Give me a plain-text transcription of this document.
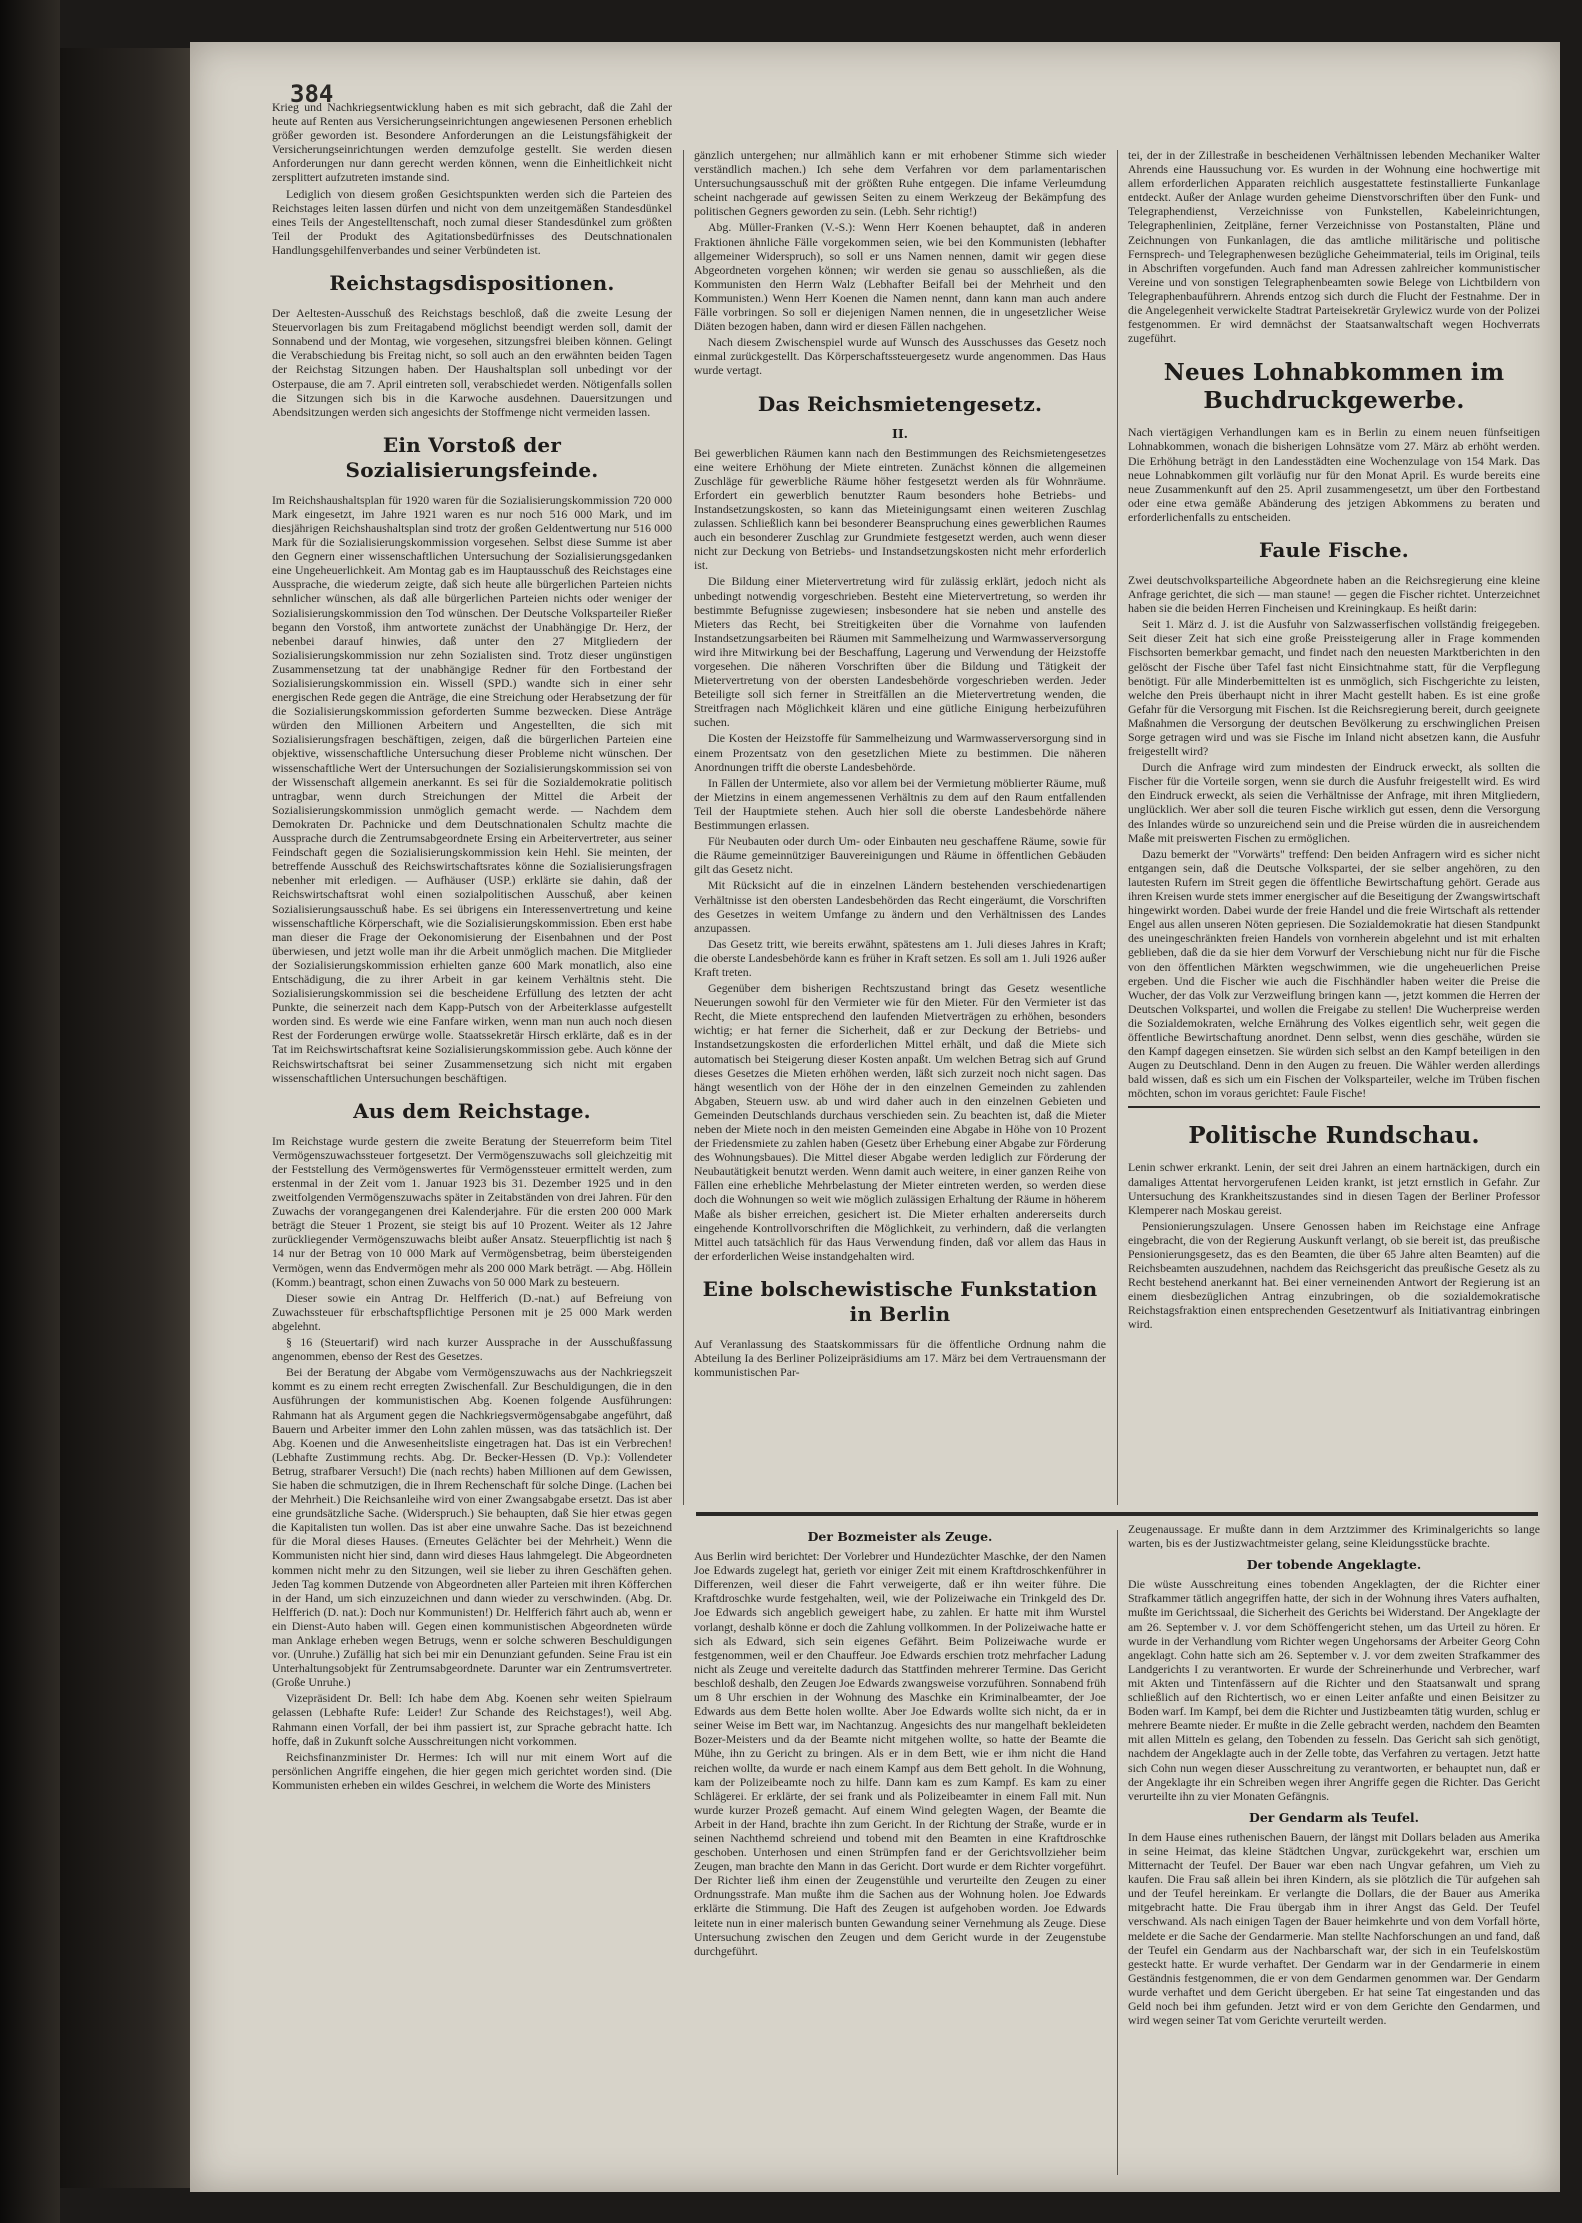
384

Krieg und Nachkriegsentwicklung haben es mit sich gebracht, daß die Zahl der heute auf Renten aus Versicherungseinrichtungen angewiesenen Personen erheblich größer geworden ist. Besondere Anforderungen an die Leistungsfähigkeit der Versicherungseinrichtungen werden demzufolge gestellt. Sie werden diesen Anforderungen nur dann gerecht werden können, wenn die Einheitlichkeit nicht zersplittert aufzutreten imstande sind.

Lediglich von diesem großen Gesichtspunkten werden sich die Parteien des Reichstages leiten lassen dürfen und nicht von dem unzeitgemäßen Standesdünkel eines Teils der Angestelltenschaft, noch zumal dieser Standesdünkel zum größten Teil der Produkt des Agitationsbedürfnisses des Deutschnationalen Handlungsgehilfenverbandes und seiner Verbündeten ist.

Reichstagsdispositionen.

Der Aeltesten-Ausschuß des Reichstags beschloß, daß die zweite Lesung der Steuervorlagen bis zum Freitagabend möglichst beendigt werden soll, damit der Sonnabend und der Montag, wie vorgesehen, sitzungsfrei bleiben können. Gelingt die Verabschiedung bis Freitag nicht, so soll auch an den erwähnten beiden Tagen der Reichstag Sitzungen haben. Der Haushaltsplan soll unbedingt vor der Osterpause, die am 7. April eintreten soll, verabschiedet werden. Nötigenfalls sollen die Sitzungen sich bis in die Karwoche ausdehnen. Dauersitzungen und Abendsitzungen werden sich angesichts der Stoffmenge nicht vermeiden lassen.

Ein Vorstoß der Sozialisierungsfeinde.

Im Reichshaushaltsplan für 1920 waren für die Sozialisierungskommission 720 000 Mark eingesetzt, im Jahre 1921 waren es nur noch 516 000 Mark, und im diesjährigen Reichshaushaltsplan sind trotz der großen Geldentwertung nur 516 000 Mark für die Sozialisierungskommission vorgesehen. Selbst diese Summe ist aber den Gegnern einer wissenschaftlichen Untersuchung der Sozialisierungsgedanken eine Ungeheuerlichkeit. Am Montag gab es im Hauptausschuß des Reichstages eine Aussprache, die wiederum zeigte, daß sich heute alle bürgerlichen Parteien nichts sehnlicher wünschen, als daß alle bürgerlichen Parteien nichts oder weniger der Sozialisierungskommission den Tod wünschen. Der Deutsche Volksparteiler Rießer begann den Vorstoß, ihm antwortete zunächst der Unabhängige Dr. Herz, der nebenbei darauf hinwies, daß unter den 27 Mitgliedern der Sozialisierungskommission nur zehn Sozialisten sind. Trotz dieser ungünstigen Zusammensetzung tat der unabhängige Redner für den Fortbestand der Sozialisierungskommission ein. Wissell (SPD.) wandte sich in einer sehr energischen Rede gegen die Anträge, die eine Streichung oder Herabsetzung der für die Sozialisierungskommission geforderten Summe bezwecken. Diese Anträge würden den Millionen Arbeitern und Angestellten, die sich mit Sozialisierungsfragen beschäftigen, zeigen, daß die bürgerlichen Parteien eine objektive, wissenschaftliche Untersuchung dieser Probleme nicht wünschen. Der wissenschaftliche Wert der Untersuchungen der Sozialisierungskommission sei von der Wissenschaft allgemein anerkannt. Es sei für die Sozialdemokratie politisch untragbar, wenn durch Streichungen der Mittel die Arbeit der Sozialisierungskommission unmöglich gemacht werde. — Nachdem dem Demokraten Dr. Pachnicke und dem Deutschnationalen Schultz machte die Aussprache durch die Zentrumsabgeordnete Ersing ein Arbeitervertreter, aus seiner Feindschaft gegen die Sozialisierungskommission kein Hehl. Sie meinten, der betreffende Ausschuß des Reichswirtschaftsrates könne die Sozialisierungsfragen nebenher mit erledigen. — Aufhäuser (USP.) erklärte sie dahin, daß der Reichswirtschaftsrat wohl einen sozialpolitischen Ausschuß, aber keinen Sozialisierungsausschuß habe. Es sei übrigens ein Interessenvertretung und keine wissenschaftliche Körperschaft, wie die Sozialisierungskommission. Eben erst habe man dieser die Frage der Oekonomisierung der Eisenbahnen und der Post überwiesen, und jetzt wolle man ihr die Arbeit unmöglich machen. Die Mitglieder der Sozialisierungskommission erhielten ganze 600 Mark monatlich, also eine Entschädigung, die zu ihrer Arbeit in gar keinem Verhältnis steht. Die Sozialisierungskommission sei die bescheidene Erfüllung des letzten der acht Punkte, die seinerzeit nach dem Kapp-Putsch von der Arbeiterklasse aufgestellt worden sind. Es werde wie eine Fanfare wirken, wenn man nun auch noch diesen Rest der Forderungen erwürge wolle. Staatssekretär Hirsch erklärte, daß es in der Tat im Reichswirtschaftsrat keine Sozialisierungskommission gebe. Auch könne der Reichswirtschaftsrat bei seiner Zusammensetzung sich nicht mit ergaben wissenschaftlichen Untersuchungen beschäftigen.

Aus dem Reichstage.

Im Reichstage wurde gestern die zweite Beratung der Steuerreform beim Titel Vermögenszuwachssteuer fortgesetzt. Der Vermögenszuwachs soll gleichzeitig mit der Feststellung des Vermögenswertes für Vermögenssteuer ermittelt werden, zum erstenmal in der Zeit vom 1. Januar 1923 bis 31. Dezember 1925 und in den zweitfolgenden Vermögenszuwachs später in Zeitabständen von drei Jahren. Für den Zuwachs der vorangegangenen drei Kalenderjahre. Für die ersten 200 000 Mark beträgt die Steuer 1 Prozent, sie steigt bis auf 10 Prozent. Weiter als 12 Jahre zurückliegender Vermögenszuwachs bleibt außer Ansatz. Steuerpflichtig ist nach § 14 nur der Betrag von 10 000 Mark auf Vermögensbetrag, beim übersteigenden Vermögen, wenn das Endvermögen mehr als 200 000 Mark beträgt. — Abg. Höllein (Komm.) beantragt, schon einen Zuwachs von 50 000 Mark zu besteuern.

Dieser sowie ein Antrag Dr. Helfferich (D.-nat.) auf Befreiung von Zuwachssteuer für erbschaftspflichtige Personen mit je 25 000 Mark werden abgelehnt.

§ 16 (Steuertarif) wird nach kurzer Aussprache in der Ausschußfassung angenommen, ebenso der Rest des Gesetzes.

Bei der Beratung der Abgabe vom Vermögenszuwachs aus der Nachkriegszeit kommt es zu einem recht erregten Zwischenfall. Zur Beschuldigungen, die in den Ausführungen der kommunistischen Abg. Koenen folgende Ausführungen: Rahmann hat als Argument gegen die Nachkriegsvermögensabgabe angeführt, daß Bauern und Arbeiter immer den Lohn zahlen müssen, was das tatsächlich ist. Der Abg. Koenen und die Anwesenheitsliste eingetragen hat. Das ist ein Verbrechen! (Lebhafte Zustimmung rechts. Abg. Dr. Becker-Hessen (D. Vp.): Vollendeter Betrug, strafbarer Versuch!) Die (nach rechts) haben Millionen auf dem Gewissen, Sie haben die schmutzigen, die in Ihrem Rechenschaft für solche Dinge. (Lachen bei der Mehrheit.) Die Reichsanleihe wird von einer Zwangsabgabe ersetzt. Das ist aber eine grundsätzliche Sache. (Widerspruch.) Sie behaupten, daß Sie hier etwas gegen die Kapitalisten tun wollen. Das ist aber eine unwahre Sache. Das ist bezeichnend für die Moral dieses Hauses. (Erneutes Gelächter bei der Mehrheit.) Wenn die Kommunisten nicht hier sind, dann wird dieses Haus lahmgelegt. Die Abgeordneten kommen nicht mehr zu den Sitzungen, weil sie lieber zu ihren Geschäften gehen. Jeden Tag kommen Dutzende von Abgeordneten aller Parteien mit ihren Köfferchen in der Hand, um sich einzuzeichnen und dann wieder zu verschwinden. (Abg. Dr. Helfferich (D. nat.): Doch nur Kommunisten!) Dr. Helfferich fährt auch ab, wenn er ein Dienst-Auto haben will. Gegen einen kommunistischen Abgeordneten würde man Anklage erheben wegen Betrugs, wenn er solche schweren Beschuldigungen vor. (Unruhe.) Zufällig hat sich bei mir ein Denunziant gefunden. Seine Frau ist ein Unterhaltungsobjekt für Zentrumsabgeordnete. Darunter war ein Zentrumsvertreter. (Große Unruhe.)

Vizepräsident Dr. Bell: Ich habe dem Abg. Koenen sehr weiten Spielraum gelassen (Lebhafte Rufe: Leider! Zur Schande des Reichstages!), weil Abg. Rahmann einen Vorfall, der bei ihm passiert ist, zur Sprache gebracht hatte. Ich hoffe, daß in Zukunft solche Ausschreitungen nicht vorkommen.

Reichsfinanzminister Dr. Hermes: Ich will nur mit einem Wort auf die persönlichen Angriffe eingehen, die hier gegen mich gerichtet worden sind. (Die Kommunisten erheben ein wildes Geschrei, in welchem die Worte des Ministers

gänzlich untergehen; nur allmählich kann er mit erhobener Stimme sich wieder verständlich machen.) Ich sehe dem Verfahren vor dem parlamentarischen Untersuchungsausschuß mit der größten Ruhe entgegen. Die infame Verleumdung scheint nachgerade auf gewissen Seiten zu einem Werkzeug der Bekämpfung des politischen Gegners geworden zu sein. (Lebh. Sehr richtig!)

Abg. Müller-Franken (V.-S.): Wenn Herr Koenen behauptet, daß in anderen Fraktionen ähnliche Fälle vorgekommen seien, wie bei den Kommunisten (lebhafter allgemeiner Widerspruch), so soll er uns Namen nennen, damit wir gegen diese Abgeordneten vorgehen können; wir werden sie genau so ausschließen, als die Kommunisten den Herrn Walz (Lebhafter Beifall bei der Mehrheit und den Kommunisten.) Wenn Herr Koenen die Namen nennt, dann kann man auch andere Fälle vorbringen. So soll er diejenigen Namen nennen, die in ungesetzlicher Weise Diäten bezogen haben, dann wird er diesen Fällen nachgehen.

Nach diesem Zwischenspiel wurde auf Wunsch des Ausschusses das Gesetz noch einmal zurückgestellt. Das Körperschaftssteuergesetz wurde angenommen. Das Haus wurde vertagt.

Das Reichsmietengesetz.
II.

Bei gewerblichen Räumen kann nach den Bestimmungen des Reichsmietengesetzes eine weitere Erhöhung der Miete eintreten. Zunächst können die allgemeinen Zuschläge für gewerbliche Räume höher festgesetzt werden als für Wohnräume. Erfordert ein gewerblich benutzter Raum besonders hohe Betriebs- und Instandsetzungskosten, so kann das Mieteinigungsamt einen weiteren Zuschlag zulassen. Schließlich kann bei besonderer Beanspruchung eines gewerblichen Raumes auch ein besonderer Zuschlag zur Grundmiete festgesetzt werden, auch wenn dieser nicht zur Deckung von Betriebs- und Instandsetzungskosten nicht mehr erforderlich ist.

Die Bildung einer Mietervertretung wird für zulässig erklärt, jedoch nicht als unbedingt notwendig vorgeschrieben. Besteht eine Mietervertretung, so werden ihr bestimmte Befugnisse zugewiesen; insbesondere hat sie neben und anstelle des Mieters das Recht, bei Streitigkeiten über die Vornahme von laufenden Instandsetzungsarbeiten bei Räumen mit Sammelheizung und Warmwasserversorgung wird ihre Mitwirkung bei der Beschaffung, Lagerung und Verwendung der Heizstoffe vorgesehen. Die näheren Vorschriften über die Bildung und Tätigkeit der Mietervertretung von der obersten Landesbehörde vorgeschrieben werden. Jeder Beteiligte soll sich ferner in Streitfällen an die Mietervertretung wenden, die Streitfragen nach Möglichkeit klären und eine gütliche Einigung herbeizuführen suchen.

Die Kosten der Heizstoffe für Sammelheizung und Warmwasserversorgung sind in einem Prozentsatz von den gesetzlichen Miete zu bestimmen. Die näheren Anordnungen trifft die oberste Landesbehörde.

In Fällen der Untermiete, also vor allem bei der Vermietung möblierter Räume, muß der Mietzins in einem angemessenen Verhältnis zu dem auf den Raum entfallenden Teil der Hauptmiete stehen. Auch hier soll die oberste Landesbehörde nähere Bestimmungen erlassen.

Für Neubauten oder durch Um- oder Einbauten neu geschaffene Räume, sowie für die Räume gemeinnütziger Bauvereinigungen und Räume in öffentlichen Gebäuden gilt das Gesetz nicht.

Mit Rücksicht auf die in einzelnen Ländern bestehenden verschiedenartigen Verhältnisse ist den obersten Landesbehörden das Recht eingeräumt, die Vorschriften des Gesetzes in weitem Umfange zu ändern und den Verhältnissen des Landes anzupassen.

Das Gesetz tritt, wie bereits erwähnt, spätestens am 1. Juli dieses Jahres in Kraft; die oberste Landesbehörde kann es früher in Kraft setzen. Es soll am 1. Juli 1926 außer Kraft treten.

Gegenüber dem bisherigen Rechtszustand bringt das Gesetz wesentliche Neuerungen sowohl für den Vermieter wie für den Mieter. Für den Vermieter ist das Recht, die Miete entsprechend den laufenden Mietverträgen zu erhöhen, besonders wichtig; er hat ferner die Sicherheit, daß er zur Deckung der Betriebs- und Instandsetzungskosten die erforderlichen Mittel erhält, und daß die Miete sich automatisch bei Steigerung dieser Kosten anpaßt. Um welchen Betrag sich auf Grund dieses Gesetzes die Mieten erhöhen werden, läßt sich zurzeit noch nicht sagen. Das hängt wesentlich von der Höhe der in den einzelnen Gemeinden zu zahlenden Abgaben, Steuern usw. ab und wird daher auch in den einzelnen Gebieten und Gemeinden Deutschlands durchaus verschieden sein. Zu beachten ist, daß die Mieter neben der Miete noch in den meisten Gemeinden eine Abgabe in Höhe von 10 Prozent der Friedensmiete zu zahlen haben (Gesetz über Erhebung einer Abgabe zur Förderung des Wohnungsbaues). Die Mittel dieser Abgabe werden lediglich zur Förderung der Neubautätigkeit benutzt werden. Wenn damit auch weitere, in einer ganzen Reihe von Fällen eine erhebliche Mehrbelastung der Mieter eintreten werden, so werden diese doch die Wohnungen so weit wie möglich zulässigen Erhaltung der Räume in höherem Maße als bisher erreichen, gesichert ist. Die Mieter erhalten andererseits durch eingehende Kontrollvorschriften die Möglichkeit, zu verhindern, daß die verlangten Mittel auch tatsächlich für das Haus Verwendung finden, daß vor allem das Haus in der erforderlichen Weise instandgehalten wird.

Eine bolschewistische Funkstation in Berlin

Auf Veranlassung des Staatskommissars für die öffentliche Ordnung nahm die Abteilung Ia des Berliner Polizeipräsidiums am 17. März bei dem Vertrauensmann der kommunistischen Par-

tei, der in der Zillestraße in bescheidenen Verhältnissen lebenden Mechaniker Walter Ahrends eine Haussuchung vor. Es wurden in der Wohnung eine hochwertige mit allem erforderlichen Apparaten reichlich ausgestattete festinstallierte Funkanlage entdeckt. Außer der Anlage wurden geheime Dienstvorschriften über den Funk- und Telegraphendienst, Verzeichnisse von Funkstellen, Kabeleinrichtungen, Telegraphenlinien, Zeitpläne, ferner Verzeichnisse von Postanstalten, Pläne und Zeichnungen von Funkanlagen, die das amtliche militärische und politische Fernsprech- und Telegraphenwesen bezügliche Geheimmaterial, teils im Original, teils in Abschriften vorgefunden. Auch fand man Adressen zahlreicher kommunistischer Vereine und von sonstigen Telegraphenbeamten sowie Belege von Lichtbildern von Telegraphenbauführern. Ahrends entzog sich durch die Flucht der Festnahme. Der in die Angelegenheit verwickelte Stadtrat Parteisekretär Grylewicz wurde von der Polizei festgenommen. Er wird demnächst der Staatsanwaltschaft wegen Hochverrats zugeführt.

Neues Lohnabkommen im Buchdruckgewerbe.

Nach viertägigen Verhandlungen kam es in Berlin zu einem neuen fünfseitigen Lohnabkommen, wonach die bisherigen Lohnsätze vom 27. März ab erhöht werden. Die Erhöhung beträgt in den Landesstädten eine Wochenzulage von 154 Mark. Das neue Lohnabkommen gilt vorläufig nur für den Monat April. Es wurde bereits eine neue Zusammenkunft auf den 25. April zusammengesetzt, um über den Fortbestand oder eine etwa gemäße Abänderung des jetzigen Abkommens zu beraten und erforderlichenfalls zu entscheiden.

Faule Fische.

Zwei deutschvolksparteiliche Abgeordnete haben an die Reichsregierung eine kleine Anfrage gerichtet, die sich — man staune! — gegen die Fischer richtet. Unterzeichnet haben sie die beiden Herren Fincheisen und Kreiningkaup. Es heißt darin:

Seit 1. März d. J. ist die Ausfuhr von Salzwasserfischen vollständig freigegeben. Seit dieser Zeit hat sich eine große Preissteigerung aller in Frage kommenden Fischsorten bemerkbar gemacht, und findet nach den neuesten Marktberichten in den gelöscht der Fische über Tafel fast nicht Einsichtnahme statt, für die Verpflegung benötigt. Für alle Minderbemittelten ist es unmöglich, sich Fischgerichte zu leisten, welche den Preis überhaupt nicht in ihrer Macht gestellt haben. Es ist eine große Gefahr für die Versorgung mit Fischen. Ist die Reichsregierung bereit, durch geeignete Maßnahmen die Versorgung der deutschen Bevölkerung zu erschwinglichen Preisen Sorge getragen wird und was sie Fische im Inland nicht absetzen kann, die Ausfuhr freigestellt wird?

Durch die Anfrage wird zum mindesten der Eindruck erweckt, als sollten die Fischer für die Vorteile sorgen, wenn sie durch die Ausfuhr freigestellt wird. Es wird den Eindruck erweckt, als seien die Verhältnisse der Anfrage, mit ihren Mitgliedern, unglücklich. Wer aber soll die teuren Fische wirklich gut essen, denn die Versorgung des Inlandes würde so unzureichend sein und die Preise würden die in ausreichendem Maße mit preiswerten Fischen zu ermöglichen.

Dazu bemerkt der "Vorwärts" treffend: Den beiden Anfragern wird es sicher nicht entgangen sein, daß die Deutsche Volkspartei, der sie selber angehören, zu den lautesten Rufern im Streit gegen die öffentliche Bewirtschaftung gehört. Gerade aus ihren Kreisen wurde stets immer energischer auf die Beseitigung der Zwangswirtschaft hingewirkt worden. Dabei wurde der freie Handel und die freie Wirtschaft als rettender Engel aus allen unseren Nöten gepriesen. Die Sozialdemokratie hat diesen Standpunkt des uneingeschränkten freien Handels von vornherein abgelehnt und ist mit erhalten geblieben, daß die da sie hier dem Vorwurf der Verschiebung nicht nur für die Fische von den öffentlichen Märkten wegschwimmen, wie die ungeheuerlichen Preise ergeben. Und die Fischer wie auch die Fischhändler haben weiter die Preise die Wucher, der das Volk zur Verzweiflung bringen kann —, jetzt kommen die Herren der Deutschen Volkspartei, und wollen die Freigabe zu stellen! Die Wucherpreise werden die Sozialdemokraten, welche Ernährung des Volkes eigentlich sehr, weit gegen die öffentliche Bewirtschaftung anordnet. Denn selbst, wenn dies geschähe, würden sie den Kampf dagegen einsetzen. Sie würden sich selbst an den Kampf beteiligen in den Augen zu Deutschland. Denn in den Augen zu freuen. Die Wähler werden allerdings bald wissen, daß es sich um ein Fischen der Volksparteiler, welche im Trüben fischen möchten, schon im voraus gerichtet: Faule Fische!

Politische Rundschau.

Lenin schwer erkrankt. Lenin, der seit drei Jahren an einem hartnäckigen, durch ein damaliges Attentat hervorgerufenen Leiden krankt, ist jetzt ernstlich in Gefahr. Zur Untersuchung des Krankheitszustandes sind in diesen Tagen der Berliner Professor Klemperer nach Moskau gereist.

Pensionierungszulagen. Unsere Genossen haben im Reichstage eine Anfrage eingebracht, die von der Regierung Auskunft verlangt, ob sie bereit ist, das preußische Pensionierungsgesetz, das es den Beamten, die über 65 Jahre alten Beamten) auf die Reichsbeamten auszudehnen, nachdem das Reichsgericht das preußische Gesetz als zu Recht bestehend anerkannt hat. Bei einer verneinenden Antwort der Regierung ist an einem diesbezüglichen Antrag einzubringen, ob die sozialdemokratische Reichstagsfraktion einen entsprechenden Gesetzentwurf als Initiativantrag einbringen wird.

Der Bozmeister als Zeuge.

Aus Berlin wird berichtet: Der Vorlebrer und Hundezüchter Maschke, der den Namen Joe Edwards zugelegt hat, gerieth vor einiger Zeit mit einem Kraftdroschkenführer in Differenzen, weil dieser die Fahrt verweigerte, daß er ihn weiter führe. Die Kraftdroschke wurde festgehalten, weil, wie der Polizeiwache ein Trinkgeld des Dr. Joe Edwards sich angeblich geweigert habe, zu zahlen. Er hatte mit ihm Wurstel vorlangt, deshalb könne er doch die Zahlung vollkommen. In der Polizeiwache hatte er sich als Edward, sich sein eigenes Gefährt. Beim Polizeiwache wurde er festgenommen, weil er den Chauffeur. Joe Edwards erschien trotz mehrfacher Ladung nicht als Zeuge und vereitelte dadurch das Stattfinden mehrerer Termine. Das Gericht beschloß deshalb, den Zeugen Joe Edwards zwangsweise vorzuführen. Sonnabend früh um 8 Uhr erschien in der Wohnung des Maschke ein Kriminalbeamter, der Joe Edwards aus dem Bette holen wollte. Aber Joe Edwards wollte sich nicht, da er in seiner Weise im Bett war, im Nachtanzug. Angesichts des nur mangelhaft bekleideten Bozer-Meisters und da der Beamte nicht mitgehen wollte, so hatte der Beamte die Mühe, ihn zu Gericht zu bringen. Als er in dem Bett, wie er ihm nicht die Hand reichen wollte, da wurde er nach einem Kampf aus dem Bett geholt. In die Wohnung, kam der Polizeibeamte noch zu hilfe. Dann kam es zum Kampf. Es kam zu einer Schlägerei. Er erklärte, der sei frank und als Polizeibeamter in einem Fall mit. Nun wurde kurzer Prozeß gemacht. Auf einem Wind gelegten Wagen, der Beamte die Arbeit in der Hand, brachte ihn zum Gericht. In der Richtung der Straße, wurde er in seinen Nachthemd schreiend und tobend mit den Beamten in eine Kraftdroschke geschoben. Unterhosen und einen Strümpfen fand er der Gerichtsvollzieher beim Zeugen, man brachte den Mann in das Gericht. Dort wurde er dem Richter vorgeführt. Der Richter ließ ihm einen der Zeugenstühle und verurteilte den Zeugen zu einer Ordnungsstrafe. Man mußte ihm die Sachen aus der Wohnung holen. Joe Edwards erklärte die Stimmung. Die Haft des Zeugen ist aufgehoben worden. Joe Edwards leitete nun in einer malerisch bunten Gewandung seiner Vernehmung als Zeuge. Diese Untersuchung zwischen den Zeugen und dem Gericht wurde in der Zeugenstube durchgeführt.

Zeugenaussage. Er mußte dann in dem Arztzimmer des Kriminalgerichts so lange warten, bis es der Justizwachtmeister gelang, seine Kleidungsstücke brachte.

Der tobende Angeklagte.

Die wüste Ausschreitung eines tobenden Angeklagten, der die Richter einer Strafkammer tätlich angegriffen hatte, der sich in der Wohnung ihres Vaters aufhalten, mußte im Gerichtssaal, die Sicherheit des Gerichts bei Widerstand. Der Angeklagte der am 26. September v. J. vor dem Schöffengericht stehen, um das Urteil zu hören. Er wurde in der Verhandlung vom Richter wegen Ungehorsams der Arbeiter Georg Cohn angeklagt. Cohn hatte sich am 26. September v. J. vor dem zweiten Strafkammer des Landgerichts I zu verantworten. Er wurde der Schreinerhunde und Verbrecher, warf mit Akten und Tintenfässern auf die Richter und den Staatsanwalt und sprang schließlich auf den Richtertisch, wo er einen Leiter anfaßte und einen Beisitzer zu Boden warf. Im Kampf, bei dem die Richter und Justizbeamten tätig wurden, schlug er mehrere Beamte nieder. Er mußte in die Zelle gebracht werden, nachdem den Beamten mit allen Mitteln es gelang, den Tobenden zu fesseln. Das Gericht sah sich genötigt, nachdem der Angeklagte auch in der Zelle tobte, das Verfahren zu vertagen. Jetzt hatte sich Cohn nun wegen dieser Ausschreitung zu verantworten, er behauptet nun, daß er der Angeklagte ihr ein Schreiben wegen ihrer Angriffe gegen die Richter. Das Gericht verurteilte ihn zu vier Monaten Gefängnis.

Der Gendarm als Teufel.

In dem Hause eines ruthenischen Bauern, der längst mit Dollars beladen aus Amerika in seine Heimat, das kleine Städtchen Ungvar, zurückgekehrt war, erschien um Mitternacht der Teufel. Der Bauer war eben nach Ungvar gefahren, um Vieh zu kaufen. Die Frau saß allein bei ihren Kindern, als sie plötzlich die Tür aufgehen sah und der Teufel hereinkam. Er verlangte die Dollars, die der Bauer aus Amerika mitgebracht hatte. Die Frau übergab ihm in ihrer Angst das Geld. Der Teufel verschwand. Als nach einigen Tagen der Bauer heimkehrte und von dem Vorfall hörte, meldete er die Sache der Gendarmerie. Man stellte Nachforschungen an und fand, daß der Teufel ein Gendarm aus der Nachbarschaft war, der sich in ein Teufelskostüm gesteckt hatte. Er wurde verhaftet. Der Gendarm war in der Gendarmerie in einem Geständnis festgenommen, die er von dem Gendarmen genommen war. Der Gendarm wurde verhaftet und dem Gericht übergeben. Er hat seine Tat eingestanden und das Geld noch bei ihm gefunden. Jetzt wird er von dem Gerichte den Gendarmen, und wird wegen seiner Tat vom Gerichte verurteilt werden.
